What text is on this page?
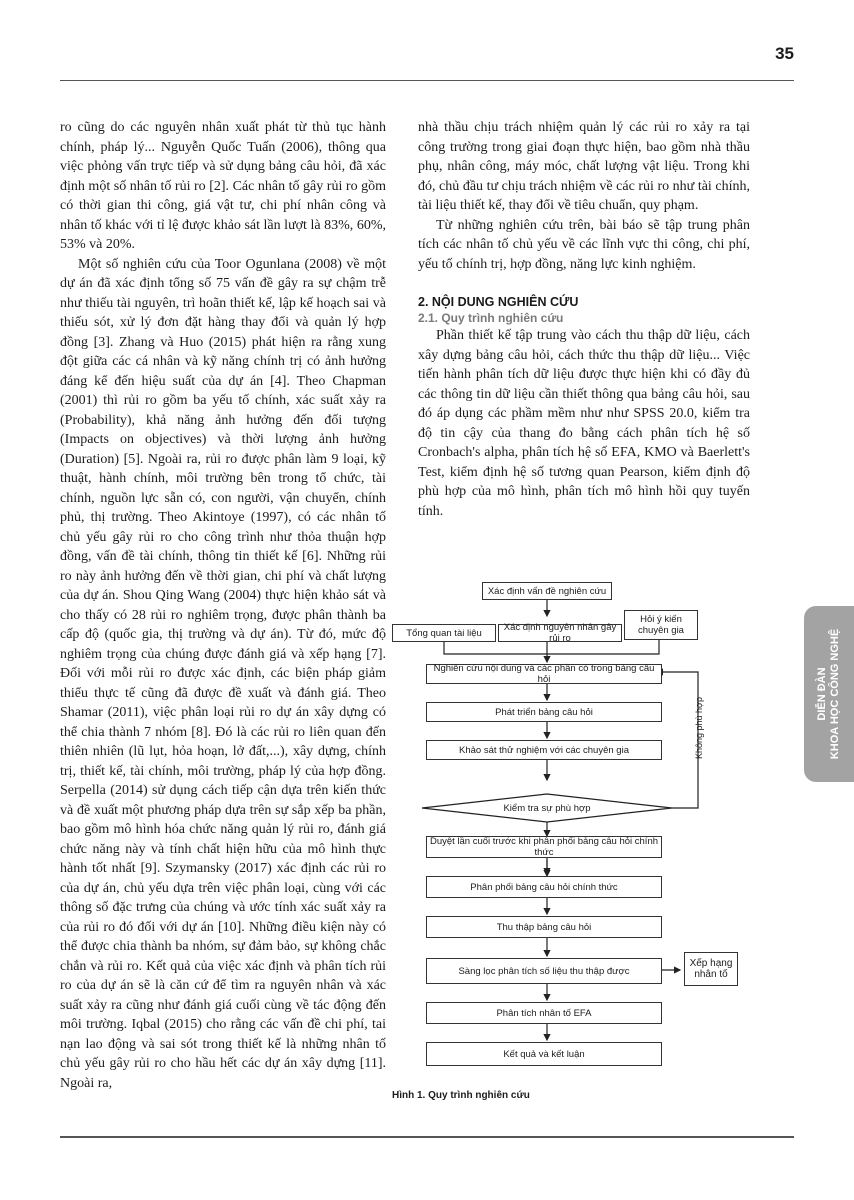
35

ro cũng do các nguyên nhân xuất phát từ thủ tục hành chính, pháp lý... Nguyễn Quốc Tuấn (2006), thông qua việc phỏng vấn trực tiếp và sử dụng bảng câu hỏi, đã xác định một số nhân tố rủi ro [2]. Các nhân tố gây rủi ro gồm có thời gian thi công, giá vật tư, chi phí nhân công và nhân tố khác với tỉ lệ được khảo sát lần lượt là 83%, 60%, 53% và 20%.

Một số nghiên cứu của Toor Ogunlana (2008) về một dự án đã xác định tổng số 75 vấn đề gây ra sự chậm trễ như thiếu tài nguyên, trì hoãn thiết kế, lập kế hoạch sai và thiếu sót, xử lý đơn đặt hàng thay đổi và quản lý hợp đồng [3]. Zhang và Huo (2015) phát hiện ra rằng xung đột giữa các cá nhân và kỹ năng chính trị có ảnh hưởng đáng kể đến hiệu suất của dự án [4]. Theo Chapman (2001) thì rủi ro gồm ba yếu tố chính, xác suất xảy ra (Probability), khả năng ảnh hưởng đến đối tượng (Impacts on objectives) và thời lượng ảnh hưởng (Duration) [5]. Ngoài ra, rủi ro được phân làm 9 loại, kỹ thuật, hành chính, môi trường bên trong tổ chức, tài chính, nguồn lực sẵn có, con người, vận chuyển, chính phủ, thị trường. Theo Akintoye (1997), có các nhân tố chủ yếu gây rủi ro cho công trình như thỏa thuận hợp đồng, vấn đề tài chính, thông tin thiết kế [6]. Những rủi ro này ảnh hưởng đến về thời gian, chi phí và chất lượng của dự án. Shou Qing Wang (2004) thực hiện khảo sát và cho thấy có 28 rủi ro nghiêm trọng, được phân thành ba cấp độ (quốc gia, thị trường và dự án). Từ đó, mức độ nghiêm trọng của chúng được đánh giá và xếp hạng [7]. Đối với mỗi rủi ro được xác định, các biện pháp giảm thiểu thực tế cũng đã được đề xuất và đánh giá. Theo Shamar (2011), việc phân loại rủi ro dự án xây dựng có thể chia thành 7 nhóm [8]. Đó là các rủi ro liên quan đến thiên nhiên (lũ lụt, hỏa hoạn, lở đất,...), xây dựng, chính trị, thiết kế, tài chính, môi trường, pháp lý của hợp đồng. Serpella (2014) sử dụng cách tiếp cận dựa trên kiến thức và đề xuất một phương pháp dựa trên sự sắp xếp ba phần, bao gồm mô hình hóa chức năng quản lý rủi ro, đánh giá chức năng này và tính chất hiện hữu của mô hình thực hành tốt nhất [9]. Szymansky (2017) xác định các rủi ro của dự án, chủ yếu dựa trên việc phân loại, cùng với các thông số đặc trưng của chúng và ước tính xác suất xảy ra của rủi ro đó đối với dự án [10]. Những điều kiện này có thể được chia thành ba nhóm, sự đảm bảo, sự không chắc chắn và rủi ro. Kết quả của việc xác định và phân tích rủi ro của dự án sẽ là căn cứ để tìm ra nguyên nhân và xác suất xảy ra cũng như đánh giá cuối cùng về tác động đến môi trường. Iqbal (2015) cho rằng các vấn đề chi phí, tai nạn lao động và sai sót trong thiết kế là những nhân tố chủ yếu gây rủi ro cho hầu hết các dự án xây dựng [11]. Ngoài ra,

nhà thầu chịu trách nhiệm quản lý các rủi ro xảy ra tại công trường trong giai đoạn thực hiện, bao gồm nhà thầu phụ, nhân công, máy móc, chất lượng vật liệu. Trong khi đó, chủ đầu tư chịu trách nhiệm về các rủi ro như tài chính, tài liệu thiết kế, thay đổi về tiêu chuẩn, quy phạm.

Từ những nghiên cứu trên, bài báo sẽ tập trung phân tích các nhân tố chủ yếu về các lĩnh vực thi công, chi phí, yếu tố chính trị, hợp đồng, năng lực kinh nghiệm.

2. NỘI DUNG NGHIÊN CỨU
2.1. Quy trình nghiên cứu

Phần thiết kế tập trung vào cách thu thập dữ liệu, cách xây dựng bảng câu hỏi, cách thức thu thập dữ liệu... Việc tiến hành phân tích dữ liệu được thực hiện khi có đầy đủ các thông tin dữ liệu cần thiết thông qua bảng câu hỏi, sau đó áp dụng các phầm mềm như như SPSS 20.0, kiểm tra độ tin cậy của thang đo bằng cách phân tích hệ số Cronbach's alpha, phân tích hệ số EFA, KMO và Baerlett's Test, kiểm định hệ số tương quan Pearson, kiểm định độ phù hợp của mô hình, phân tích mô hình hồi quy tuyến tính.

DIỄN ĐÀN KHOA HỌC CÔNG NGHỆ
Xác định vấn đề nghiên cứu
Tổng quan tài liệu	Xác định nguyên nhân gây rủi ro
Hỏi ý kiến chuyên gia
Nghiên cứu nội dung và các phần có trong bảng câu hỏi
Phát triển bảng câu hỏi
Khảo sát thử nghiệm với các chuyên gia
Kiểm tra sự phù hợp
Không phù hợp
Duyệt lần cuối trước khi phân phối bảng câu hỏi chính thức
Phân phối bảng câu hỏi chính thức
Thu thập bảng câu hỏi
Sàng lọc phân tích số liệu thu thập được
Xếp hạng nhân tố
Phân tích nhân tố EFA
Kết quả và kết luận
Hình 1. Quy trình nghiên cứu
